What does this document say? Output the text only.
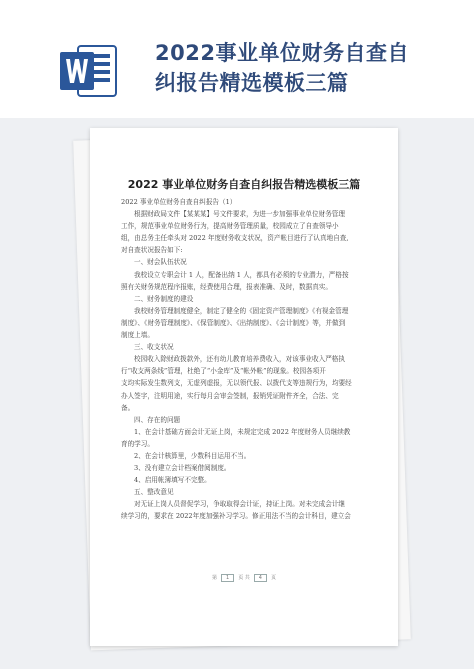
2022事业单位财务自查自
纠报告精选模板三篇
2022 事业单位财务自查自纠报告精选模板三篇

2022 事业单位财务自查自纠报告（1）

根据财政局文件【某某某】号文件要求，为进一步加强事业单位财务管理

工作，规范事业单位财务行为，提高财务管理质量，校园成立了自查领导小

组，由总务主任牵头对 2022 年度财务收支状况，资产帐目进行了认真地自查,

对自查状况报告如下:

一、财会队伍状况

我校设立专职会计 1 人，配备出纳 1 人，都具有必须的专业潜力，严格按

照有关财务规范程序报账，经费使用合理，报表准确、及时，数据真实。

二、财务制度的建设

我校财务管理制度健全，制定了健全的《固定资产管理制度》《有视金管理

制度》、《财务管理制度》、《保管制度》、《出纳制度》、《会计制度》等，并做到

制度上墙。

三、收支状况

校园收入除财政拨款外，还有幼儿教育培养费收入，对该事业收入严格执

行“收支两条线”管理，杜绝了“小金库”及“帐外帐”的现象。校园各项开

支均实际发生数列支，无虚列虚报，无以领代报、以拨代支等违规行为，均要经

办人签字，注明用途，实行每月会审会签制，报销凭证附件齐全，合法、完

备。

四、存在的问题

1、在会计基础方面会计无证上岗，未规定完成 2022 年度财务人员继续教

育的学习。

2、在会计核算里，少数科目运用不当。

3、没有建立会计档案借阅制度。

4、启用帐簿填写不完整。

五、整改意见

对无证上岗人员督促学习，争取取得会计证，持证上岗。对未完成会计继

续学习的，要求在 2022年度加强补习学习。修正用法不当的会计科目，建立会

第 1 页 共 4 页
